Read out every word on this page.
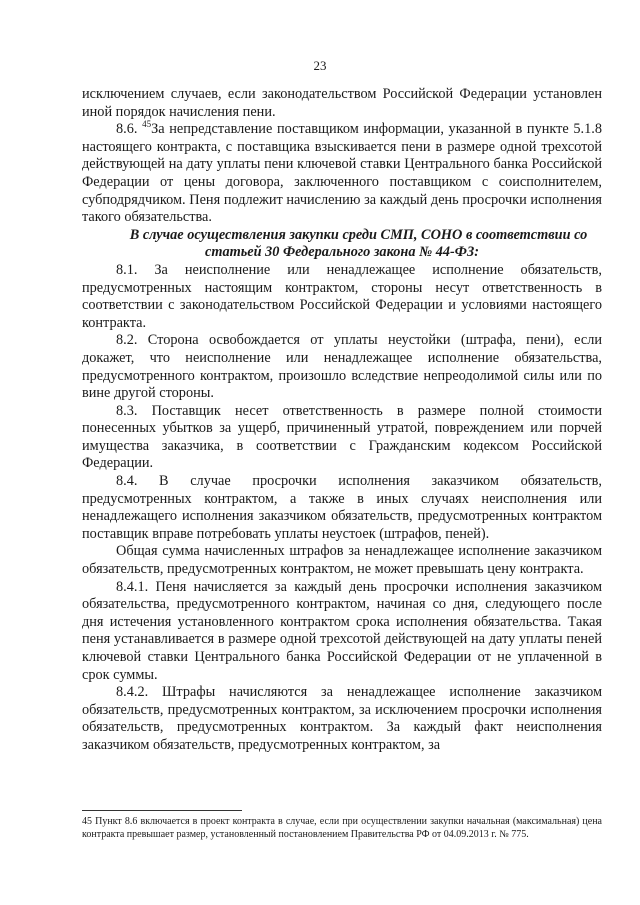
23

исключением случаев, если законодательством Российской Федерации установлен иной порядок начисления пени.

8.6. $^{45}$За непредставление поставщиком информации, указанной в пункте 5.1.8 настоящего контракта, с поставщика взыскивается пени в размере одной трехсотой действующей на дату уплаты пени ключевой ставки Центрального банка Российской Федерации от цены договора, заключенного поставщиком с соисполнителем, субподрядчиком. Пеня подлежит начислению за каждый день просрочки исполнения такого обязательства.

В случае осуществления закупки среди СМП, СОНО в соответствии со статьей 30 Федерального закона № 44-ФЗ:

8.1. За неисполнение или ненадлежащее исполнение обязательств, предусмотренных настоящим контрактом, стороны несут ответственность в соответствии с законодательством Российской Федерации и условиями настоящего контракта.

8.2. Сторона освобождается от уплаты неустойки (штрафа, пени), если докажет, что неисполнение или ненадлежащее исполнение обязательства, предусмотренного контрактом, произошло вследствие непреодолимой силы или по вине другой стороны.

8.3. Поставщик несет ответственность в размере полной стоимости понесенных убытков за ущерб, причиненный утратой, повреждением или порчей имущества заказчика, в соответствии с Гражданским кодексом Российской Федерации.

8.4. В случае просрочки исполнения заказчиком обязательств, предусмотренных контрактом, а также в иных случаях неисполнения или ненадлежащего исполнения заказчиком обязательств, предусмотренных контрактом поставщик вправе потребовать уплаты неустоек (штрафов, пеней).

Общая сумма начисленных штрафов за ненадлежащее исполнение заказчиком обязательств, предусмотренных контрактом, не может превышать цену контракта.

8.4.1. Пеня начисляется за каждый день просрочки исполнения заказчиком обязательства, предусмотренного контрактом, начиная со дня, следующего после дня истечения установленного контрактом срока исполнения обязательства. Такая пеня устанавливается в размере одной трехсотой действующей на дату уплаты пеней ключевой ставки Центрального банка Российской Федерации от не уплаченной в срок суммы.

8.4.2. Штрафы начисляются за ненадлежащее исполнение заказчиком обязательств, предусмотренных контрактом, за исключением просрочки исполнения обязательств, предусмотренных контрактом. За каждый факт неисполнения заказчиком обязательств, предусмотренных контрактом, за

45 Пункт 8.6 включается в проект контракта в случае, если при осуществлении закупки начальная (максимальная) цена контракта превышает размер, установленный постановлением Правительства РФ от 04.09.2013 г. № 775.
